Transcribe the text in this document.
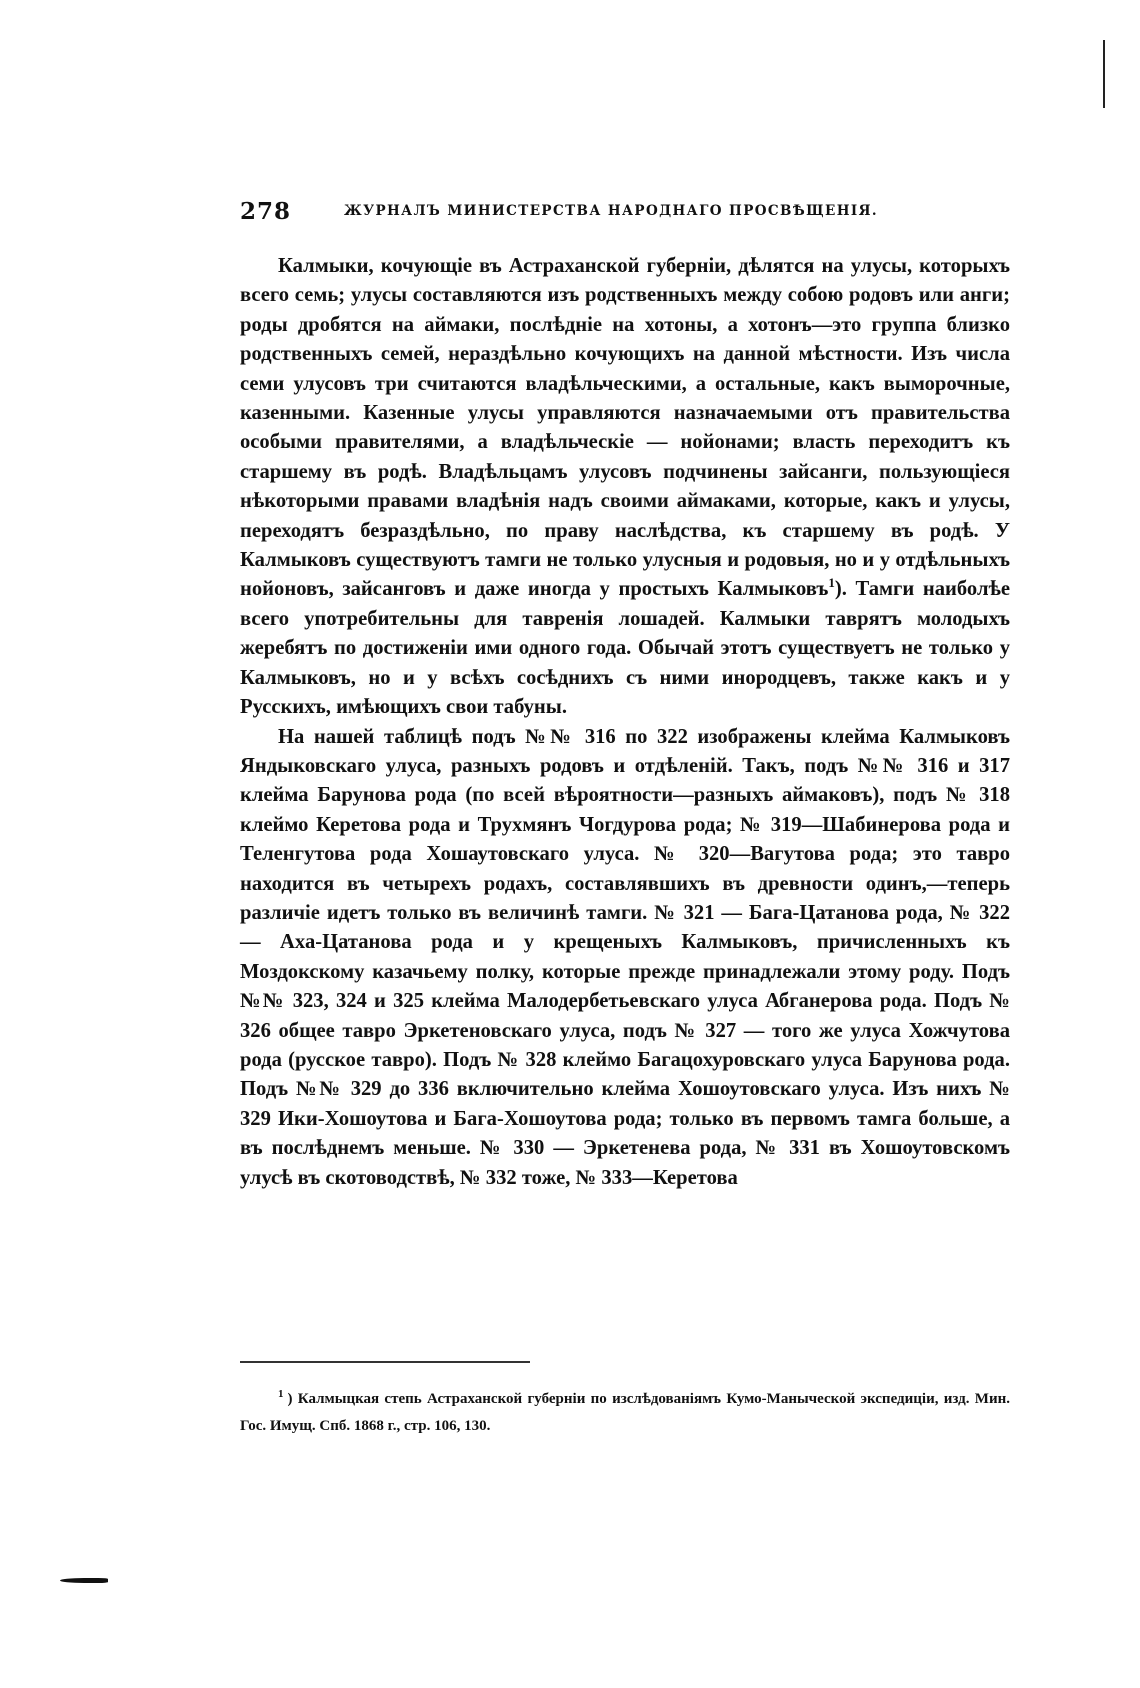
278	ЖУРНАЛЪ МИНИСТЕРСТВА НАРОДНАГО ПРОСВѢЩЕНІЯ.

Калмыки, кочующіе въ Астраханской губерніи, дѣлятся на улусы, которыхъ всего семь; улусы составляются изъ родственныхъ между собою родовъ или анги; роды дробятся на аймаки, послѣдніе на хотоны, а хотонъ—это группа близко родственныхъ семей, нераздѣльно кочующихъ на данной мѣстности. Изъ числа семи улусовъ три считаются владѣльческими, а остальные, какъ выморочные, казенными. Казенные улусы управляются назначаемыми отъ правительства особыми правителями, а владѣльческіе — нойонами; власть переходитъ къ старшему въ родѣ. Владѣльцамъ улусовъ подчинены зайсанги, пользующіеся нѣкоторыми правами владѣнія надъ своими аймаками, которые, какъ и улусы, переходятъ безраздѣльно, по праву наслѣдства, къ старшему въ родѣ. У Калмыковъ существуютъ тамги не только улусныя и родовыя, но и у отдѣльныхъ нойоновъ, зайсанговъ и даже иногда у простыхъ Калмыковъ$^1$). Тамги наиболѣе всего употребительны для тавренія лошадей. Калмыки таврятъ молодыхъ жеребятъ по достиженіи ими одного года. Обычай этотъ существуетъ не только у Калмыковъ, но и у всѣхъ сосѣднихъ съ ними инородцевъ, также какъ и у Русскихъ, имѣющихъ свои табуны.

На нашей таблицѣ подъ №№ 316 по 322 изображены клейма Калмыковъ Яндыковскаго улуса, разныхъ родовъ и отдѣленій. Такъ, подъ №№ 316 и 317 клейма Барунова рода (по всей вѣроятности—разныхъ аймаковъ), подъ № 318 клеймо Керетова рода и Трухмянъ Чогдурова рода; № 319—Шабинерова рода и Теленгутова рода Хошаутовскаго улуса. № 320—Вагутова рода; это тавро находится въ четырехъ родахъ, составлявшихъ въ древности одинъ,—теперь различіе идетъ только въ величинѣ тамги. № 321 — Бага-Цатанова рода, № 322 — Аха-Цатанова рода и у крещеныхъ Калмыковъ, причисленныхъ къ Моздокскому казачьему полку, которые прежде принадлежали этому роду. Подъ №№ 323, 324 и 325 клейма Малодербетьевскаго улуса Абганерова рода. Подъ № 326 общее тавро Эркетеновскаго улуса, подъ № 327 — того же улуса Хожчутова рода (русское тавро). Подъ № 328 клеймо Багацохуровскаго улуса Барунова рода. Подъ №№ 329 до 336 включительно клейма Хошоутовскаго улуса. Изъ нихъ № 329 Ики-Хошоутова и Бага-Хошоутова рода; только въ первомъ тамга больше, а въ послѣднемъ меньше. № 330 — Эркетенева рода, № 331 въ Хошоутовскомъ улусѣ въ скотоводствѣ, № 332 тоже, № 333—Керетова

$^1$ ) Калмыцкая степь Астраханской губерніи по изслѣдованіямъ Кумо-Маныческой экспедиціи, изд. Мин. Гос. Имущ. Спб. 1868 г., стр. 106, 130.
